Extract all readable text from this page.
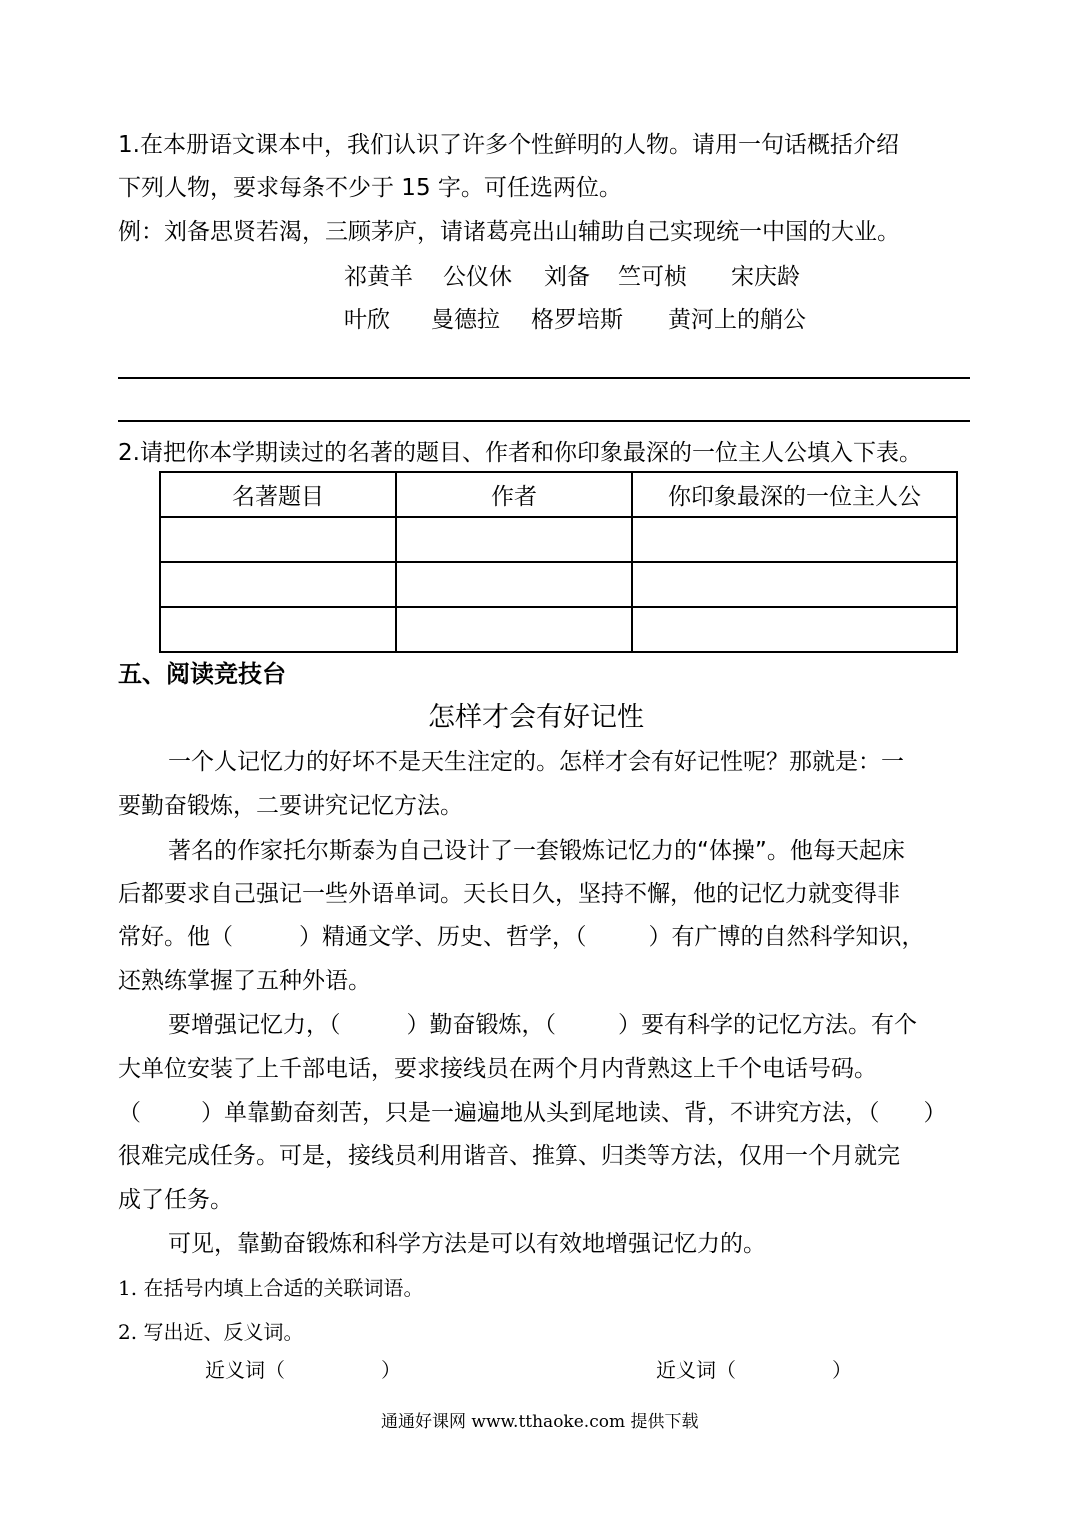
1.在本册语文课本中，我们认识了许多个性鲜明的人物。请用一句话概括介绍
下列人物，要求每条不少于 15 字。可任选两位。
例：刘备思贤若渴，三顾茅庐，请诸葛亮出山辅助自己实现统一中国的大业。
祁黄羊 公仪休 刘备 竺可桢 宋庆龄
叶欣 曼德拉 格罗培斯 黄河上的艄公
2.请把你本学期读过的名著的题目、作者和你印象最深的一位主人公填入下表。
名著题目	作者	你印象最深的一位主人公

五、阅读竞技台
怎样才会有好记性
一个人记忆力的好坏不是天生注定的。怎样才会有好记性呢？那就是：一
要勤奋锻炼，二要讲究记忆方法。
著名的作家托尔斯泰为自己设计了一套锻炼记忆力的“体操”。他每天起床
后都要求自己强记一些外语单词。天长日久，坚持不懈，他的记忆力就变得非
常好。他（	）精通文学、历史、哲学，（	）有广博的自然科学知识，
还熟练掌握了五种外语。
要增强记忆力，（	）勤奋锻炼，（	）要有科学的记忆方法。有个
大单位安装了上千部电话，要求接线员在两个月内背熟这上千个电话号码。
（	）单靠勤奋刻苦，只是一遍遍地从头到尾地读、背，不讲究方法，（ ）
很难完成任务。可是，接线员利用谐音、推算、归类等方法，仅用一个月就完
成了任务。
可见，靠勤奋锻炼和科学方法是可以有效地增强记忆力的。
1. 在括号内填上合适的关联词语。
2. 写出近、反义词。
近义词（	）	近义词（	）
通通好课网 www.tthaoke.com 提供下载
